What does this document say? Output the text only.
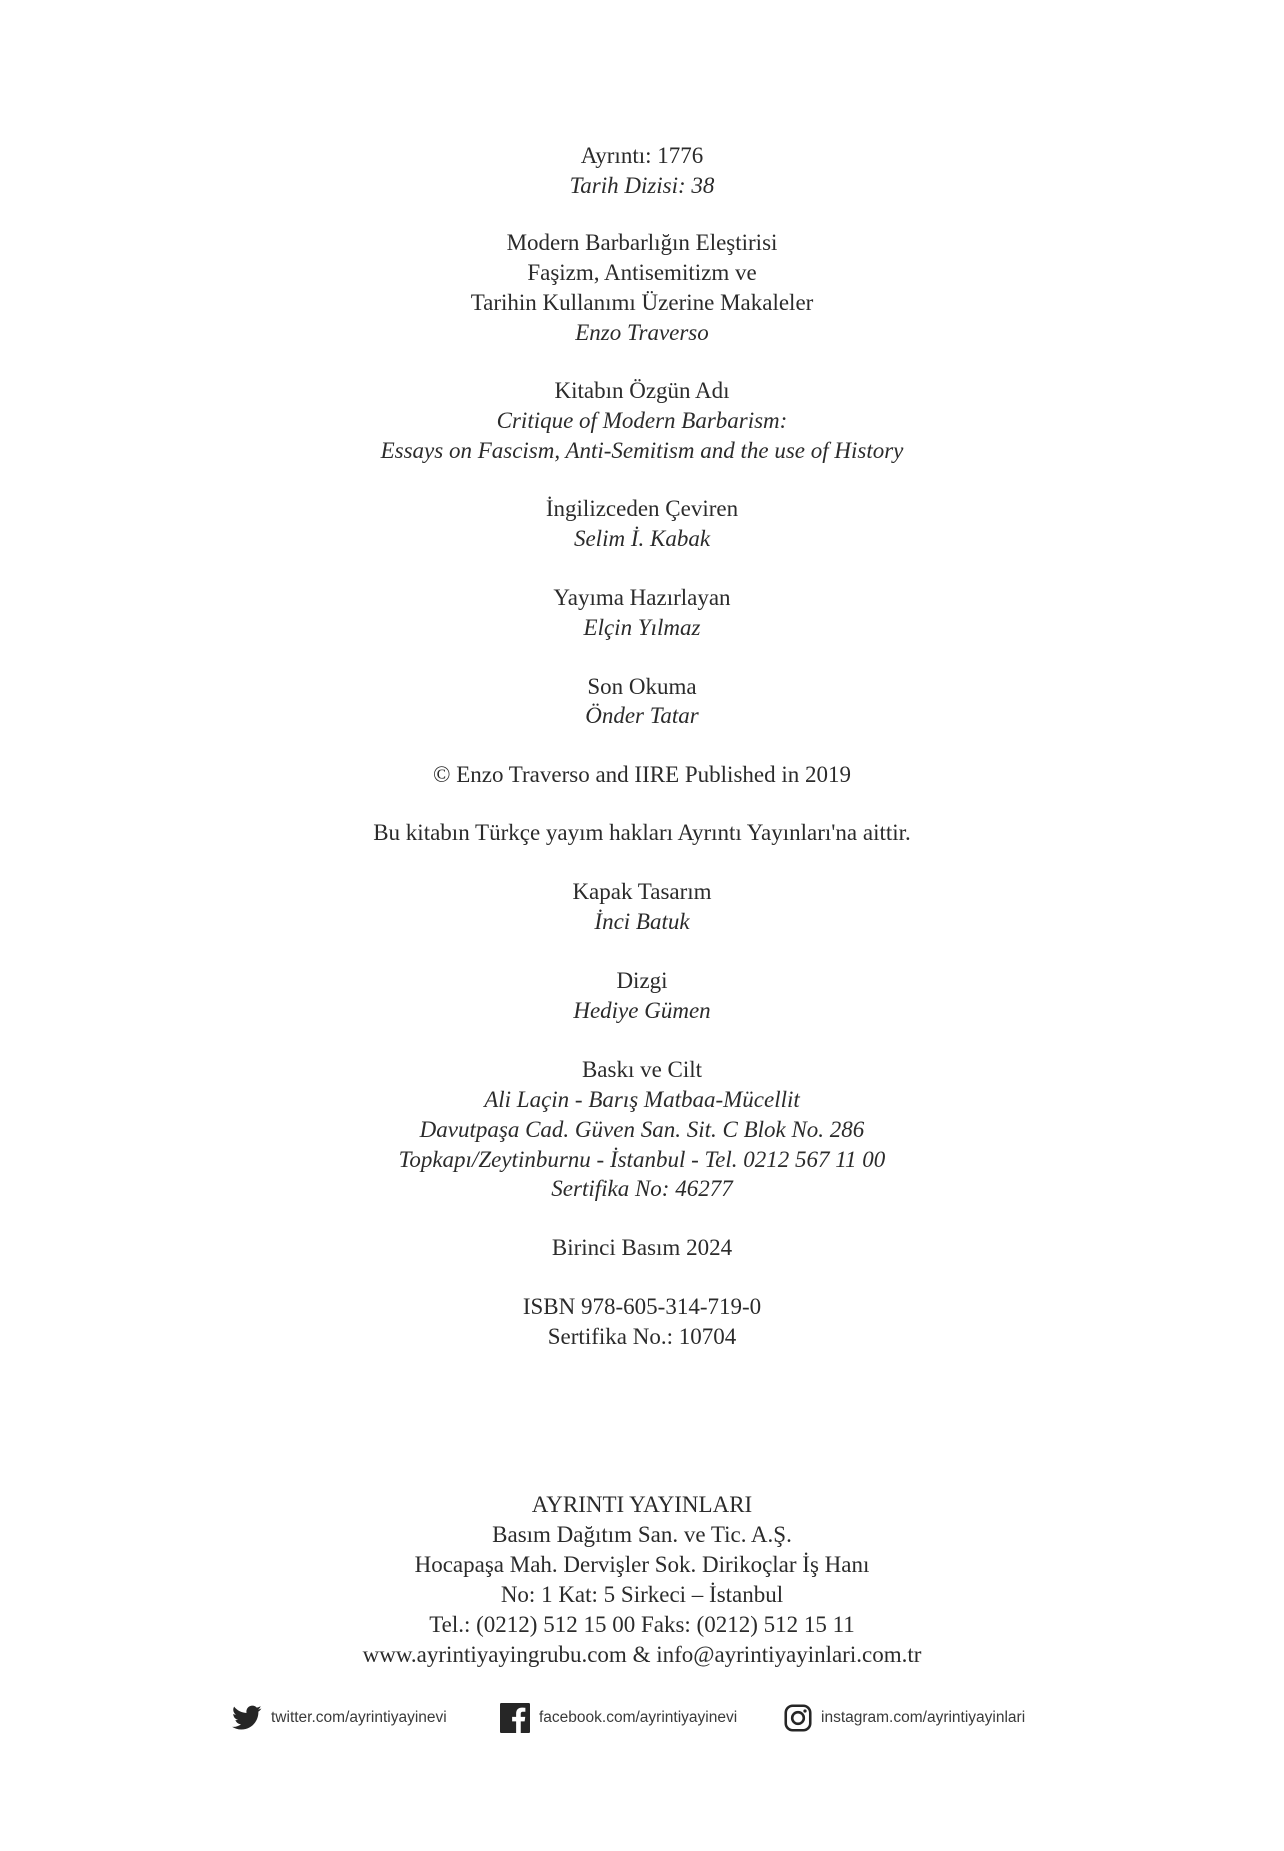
Ayrıntı: 1776
Tarih Dizisi: 38
Modern Barbarlığın Eleştirisi
Faşizm, Antisemitizm ve
Tarihin Kullanımı Üzerine Makaleler
Enzo Traverso
Kitabın Özgün Adı
Critique of Modern Barbarism:
Essays on Fascism, Anti-Semitism and the use of History
İngilizceden Çeviren
Selim İ. Kabak
Yayıma Hazırlayan
Elçin Yılmaz
Son Okuma
Önder Tatar
© Enzo Traverso and IIRE Published in 2019
Bu kitabın Türkçe yayım hakları Ayrıntı Yayınları'na aittir.
Kapak Tasarım
İnci Batuk
Dizgi
Hediye Gümen
Baskı ve Cilt
Ali Laçin - Barış Matbaa-Mücellit
Davutpaşa Cad. Güven San. Sit. C Blok No. 286
Topkapı/Zeytinburnu - İstanbul - Tel. 0212 567 11 00
Sertifika No: 46277
Birinci Basım 2024
ISBN 978-605-314-719-0
Sertifika No.: 10704
AYRINTI YAYINLARI
Basım Dağıtım San. ve Tic. A.Ş.
Hocapaşa Mah. Dervişler Sok. Dirikoçlar İş Hanı
No: 1 Kat: 5 Sirkeci – İstanbul
Tel.: (0212) 512 15 00 Faks: (0212) 512 15 11
www.ayrintiyayingrubu.com & info@ayrintiyayinlari.com.tr
twitter.com/ayrintiyayinevi	facebook.com/ayrintiyayinevi	instagram.com/ayrintiyayinlari
